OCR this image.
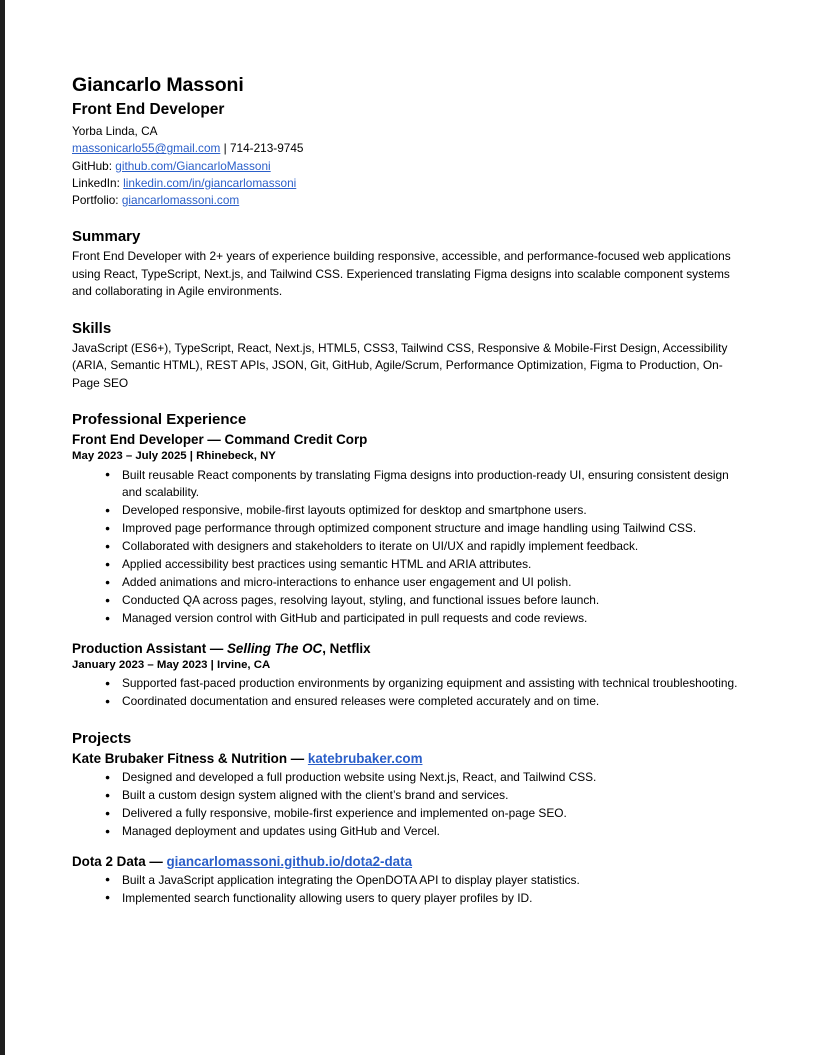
Giancarlo Massoni
Front End Developer

Yorba Linda, CA

massonicarlo55@gmail.com | 714-213-9745

GitHub: github.com/GiancarloMassoni

LinkedIn: linkedin.com/in/giancarlomassoni

Portfolio: giancarlomassoni.com

Summary

Front End Developer with 2+ years of experience building responsive, accessible, and performance-focused web applications using React, TypeScript, Next.js, and Tailwind CSS. Experienced translating Figma designs into scalable component systems and collaborating in Agile environments.

Skills

JavaScript (ES6+), TypeScript, React, Next.js, HTML5, CSS3, Tailwind CSS, Responsive & Mobile-First Design, Accessibility (ARIA, Semantic HTML), REST APIs, JSON, Git, GitHub, Agile/Scrum, Performance Optimization, Figma to Production, On-Page SEO

Professional Experience
Front End Developer — Command Credit Corp
May 2023 – July 2025 | Rhinebeck, NY
● Built reusable React components by translating Figma designs into production-ready UI, ensuring consistent design and scalability.
● Developed responsive, mobile-first layouts optimized for desktop and smartphone users.
● Improved page performance through optimized component structure and image handling using Tailwind CSS.
● Collaborated with designers and stakeholders to iterate on UI/UX and rapidly implement feedback.
● Applied accessibility best practices using semantic HTML and ARIA attributes.
● Added animations and micro-interactions to enhance user engagement and UI polish.
● Conducted QA across pages, resolving layout, styling, and functional issues before launch.
● Managed version control with GitHub and participated in pull requests and code reviews.
Production Assistant — Selling The OC, Netflix
January 2023 – May 2023 | Irvine, CA
● Supported fast-paced production environments by organizing equipment and assisting with technical troubleshooting.
● Coordinated documentation and ensured releases were completed accurately and on time.
Projects
Kate Brubaker Fitness & Nutrition — katebrubaker.com
● Designed and developed a full production website using Next.js, React, and Tailwind CSS.
● Built a custom design system aligned with the client’s brand and services.
● Delivered a fully responsive, mobile-first experience and implemented on-page SEO.
● Managed deployment and updates using GitHub and Vercel.
Dota 2 Data — giancarlomassoni.github.io/dota2-data
● Built a JavaScript application integrating the OpenDOTA API to display player statistics.
● Implemented search functionality allowing users to query player profiles by ID.
